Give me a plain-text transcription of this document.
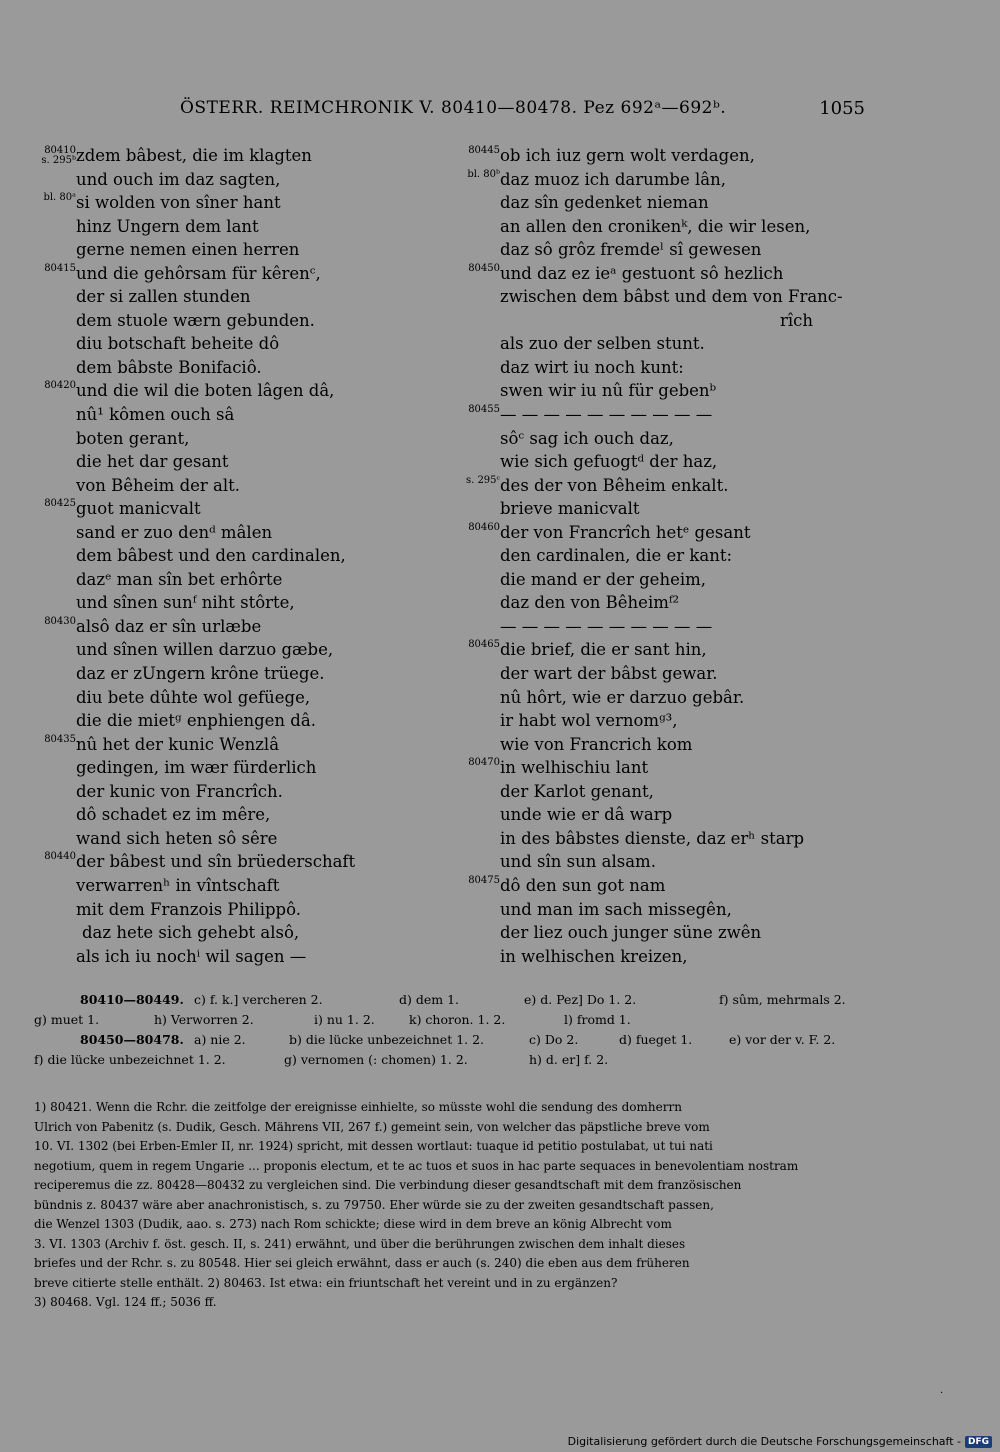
ÖSTERR. REIMCHRONIK V. 80410—80478. Pez 692ᵃ—692ᵇ.	1055
80410
s. 295ᵇ zdem bâbest, die im klagten
und ouch im daz sagten,
bl. 80ᵃ si wolden von sîner hant
hinz Ungern dem lant
gerne nemen einen herren
80415 und die gehôrsam für kêrenᶜ,
der si zallen stunden
dem stuole wærn gebunden.
diu botschaft beheite dô
dem bâbste Bonifaciô.
80420 und die wil die boten lâgen dâ,
nû¹ kômen ouch sâ
boten gerant,
die het dar gesant
von Bêheim der alt.
80425 guot manicvalt
sand er zuo denᵈ mâlen
dem bâbest und den cardinalen,
dazᵉ man sîn bet erhôrte
und sînen sunᶠ niht stôrte,
80430 alsô daz er sîn urlæbe
und sînen willen darzuo gæbe,
daz er zUngern krône trüege.
diu bete dûhte wol gefüege,
die die mietᵍ enphiengen dâ.
80435 nû het der kunic Wenzlâ
gedingen, im wær fürderlich
der kunic von Francrîch.
dô schadet ez im mêre,
wand sich heten sô sêre
80440 der bâbest und sîn brüederschaft
verwarrenʰ in vîntschaft
mit dem Franzois Philippô.
daz hete sich gehebt alsô,
als ich iu nochⁱ wil sagen —
80445 ob ich iuz gern wolt verdagen,
bl. 80ᵇ daz muoz ich darumbe lân,
daz sîn gedenket nieman
an allen den cronikenᵏ, die wir lesen,
daz sô grôz fremdeˡ sî gewesen
80450 und daz ez ieᵃ gestuont sô hezlich
zwischen dem bâbst und dem von Franc-
rîch
als zuo der selben stunt.
daz wirt iu noch kunt:
swen wir iu nû für gebenᵇ
80455 — — — — — — — — — —
sôᶜ sag ich ouch daz,
wie sich gefuogtᵈ der haz,
s. 295ᶜ des der von Bêheim enkalt.
brieve manicvalt
80460 der von Francrîch hetᵉ gesant
den cardinalen, die er kant:
die mand er der geheim,
daz den von Bêheimᶠ²
— — — — — — — — — —
80465 die brief, die er sant hin,
der wart der bâbst gewar.
nû hôrt, wie er darzuo gebâr.
ir habt wol vernomᵍ³,
wie von Francrich kom
80470 in welhischiu lant
der Karlot genant,
unde wie er dâ warp
in des bâbstes dienste, daz erʰ starp
und sîn sun alsam.
80475 dô den sun got nam
und man im sach missegên,
der liez ouch junger süne zwên
in welhischen kreizen,
80410—80449. c) f. k.] vercheren 2.	d) dem 1.	e) d. Pez] Do 1. 2.	f) sûm, mehrmals 2.
g) muet 1.	h) Verworren 2.	i) nu 1. 2.	k) choron. 1. 2.	l) fromd 1.
80450—80478. a) nie 2.	b) die lücke unbezeichnet 1. 2.	c) Do 2.	d) fueget 1.	e) vor der v. F. 2.
f) die lücke unbezeichnet 1. 2.	g) vernomen (: chomen) 1. 2.	h) d. er] f. 2.
1) 80421. Wenn die Rchr. die zeitfolge der ereignisse einhielte, so müsste wohl die sendung des domherrn
Ulrich von Pabenitz (s. Dudik, Gesch. Mährens VII, 267 f.) gemeint sein, von welcher das päpstliche breve vom
10. VI. 1302 (bei Erben-Emler II, nr. 1924) spricht, mit dessen wortlaut: tuaque id petitio postulabat, ut tui nati
negotium, quem in regem Ungarie ... proponis electum, et te ac tuos et suos in hac parte sequaces in benevolentiam nostram
reciperemus die zz. 80428—80432 zu vergleichen sind. Die verbindung dieser gesandtschaft mit dem französischen
bündnis z. 80437 wäre aber anachronistisch, s. zu 79750. Eher würde sie zu der zweiten gesandtschaft passen,
die Wenzel 1303 (Dudik, aao. s. 273) nach Rom schickte; diese wird in dem breve an könig Albrecht vom
3. VI. 1303 (Archiv f. öst. gesch. II, s. 241) erwähnt, und über die berührungen zwischen dem inhalt dieses
briefes und der Rchr. s. zu 80548. Hier sei gleich erwähnt, dass er auch (s. 240) die eben aus dem früheren
breve citierte stelle enthält. 2) 80463. Ist etwa: ein friuntschaft het vereint und in zu ergänzen?
3) 80468. Vgl. 124 ff.; 5036 ff.
·
Digitalisierung gefördert durch die Deutsche Forschungsgemeinschaft - DFG
